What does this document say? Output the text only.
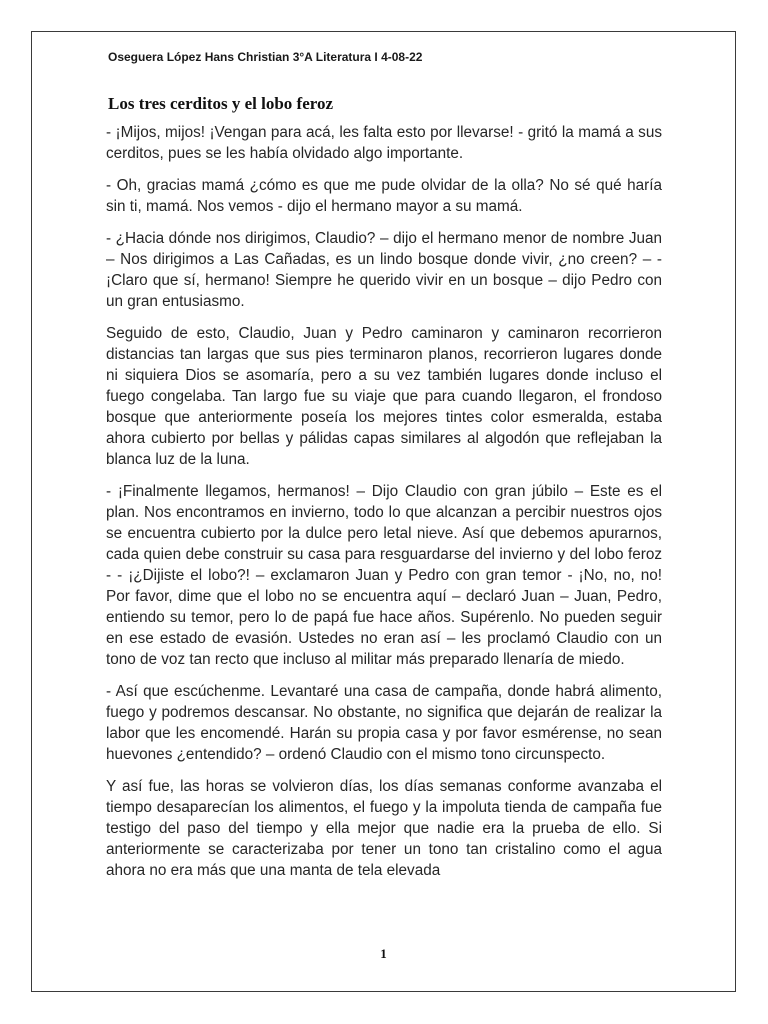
Oseguera López Hans Christian 3°A Literatura I 4-08-22
Los tres cerditos y el lobo feroz

- ¡Mijos, mijos! ¡Vengan para acá, les falta esto por llevarse! - gritó la mamá a sus cerditos, pues se les había olvidado algo importante.

- Oh, gracias mamá ¿cómo es que me pude olvidar de la olla? No sé qué haría sin ti, mamá. Nos vemos - dijo el hermano mayor a su mamá.

- ¿Hacia dónde nos dirigimos, Claudio? – dijo el hermano menor de nombre Juan – Nos dirigimos a Las Cañadas, es un lindo bosque donde vivir, ¿no creen? – - ¡Claro que sí, hermano! Siempre he querido vivir en un bosque – dijo Pedro con un gran entusiasmo.

Seguido de esto, Claudio, Juan y Pedro caminaron y caminaron recorrieron distancias tan largas que sus pies terminaron planos, recorrieron lugares donde ni siquiera Dios se asomaría, pero a su vez también lugares donde incluso el fuego congelaba. Tan largo fue su viaje que para cuando llegaron, el frondoso bosque que anteriormente poseía los mejores tintes color esmeralda, estaba ahora cubierto por bellas y pálidas capas similares al algodón que reflejaban la blanca luz de la luna.

- ¡Finalmente llegamos, hermanos! – Dijo Claudio con gran júbilo – Este es el plan. Nos encontramos en invierno, todo lo que alcanzan a percibir nuestros ojos se encuentra cubierto por la dulce pero letal nieve. Así que debemos apurarnos, cada quien debe construir su casa para resguardarse del invierno y del lobo feroz - - ¡¿Dijiste el lobo?! – exclamaron Juan y Pedro con gran temor - ¡No, no, no! Por favor, dime que el lobo no se encuentra aquí – declaró Juan – Juan, Pedro, entiendo su temor, pero lo de papá fue hace años. Supérenlo. No pueden seguir en ese estado de evasión. Ustedes no eran así – les proclamó Claudio con un tono de voz tan recto que incluso al militar más preparado llenaría de miedo.

- Así que escúchenme. Levantaré una casa de campaña, donde habrá alimento, fuego y podremos descansar. No obstante, no significa que dejarán de realizar la labor que les encomendé. Harán su propia casa y por favor esmérense, no sean huevones ¿entendido? – ordenó Claudio con el mismo tono circunspecto.

Y así fue, las horas se volvieron días, los días semanas conforme avanzaba el tiempo desaparecían los alimentos, el fuego y la impoluta tienda de campaña fue testigo del paso del tiempo y ella mejor que nadie era la prueba de ello. Si anteriormente se caracterizaba por tener un tono tan cristalino como el agua ahora no era más que una manta de tela elevada

1
